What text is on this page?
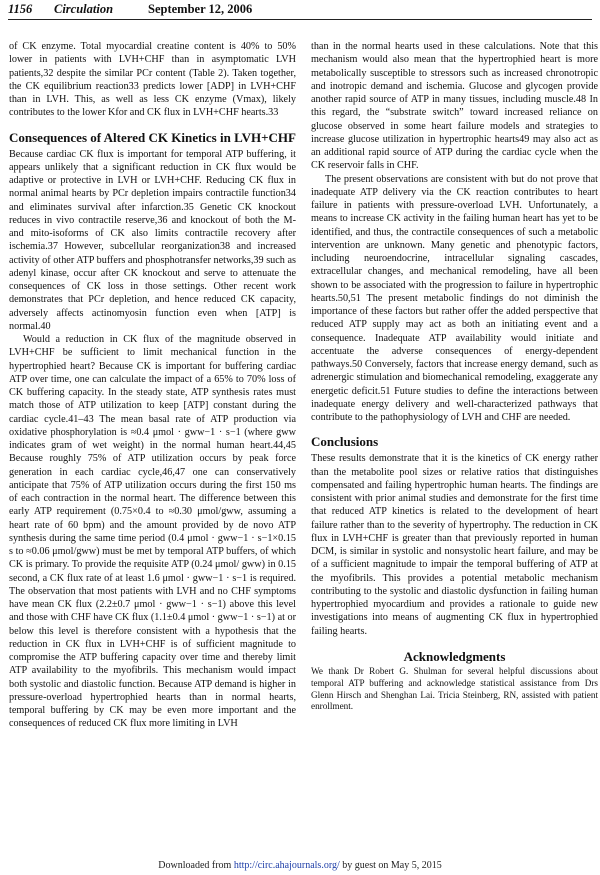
1156 Circulation	September 12, 2006

of CK enzyme. Total myocardial creatine content is 40% to 50% lower in patients with LVH+CHF than in asymptomatic LVH patients,32 despite the similar PCr content (Table 2). Taken together, the CK equilibrium reaction33 predicts lower [ADP] in LVH+CHF than in LVH. This, as well as less CK enzyme (Vmax), likely contributes to the lower Kfor and CK flux in LVH+CHF hearts.33

Consequences of Altered CK Kinetics in LVH+CHF

Because cardiac CK flux is important for temporal ATP buffering, it appears unlikely that a significant reduction in CK flux would be adaptive or protective in LVH or LVH+CHF. Reducing CK flux in normal animal hearts by PCr depletion impairs contractile function34 and eliminates survival after infarction.35 Genetic CK knockout reduces in vivo contractile reserve,36 and knockout of both the M- and mito-isoforms of CK also limits contractile recovery after ischemia.37 However, subcellular reorganization38 and increased activity of other ATP buffers and phosphotransfer networks,39 such as adenyl kinase, occur after CK knockout and serve to attenuate the consequences of CK loss in those settings. Other recent work demonstrates that PCr depletion, and hence reduced CK capacity, adversely affects actinomyosin function even when [ATP] is normal.40

Would a reduction in CK flux of the magnitude observed in LVH+CHF be sufficient to limit mechanical function in the hypertrophied heart? Because CK is important for buffering cardiac ATP over time, one can calculate the impact of a 65% to 70% loss of CK buffering capacity. In the steady state, ATP synthesis rates must match those of ATP utilization to keep [ATP] constant during the cardiac cycle.41–43 The mean basal rate of ATP production via oxidative phosphorylation is ≈0.4 μmol · gww−1 · s−1 (where gww indicates gram of wet weight) in the normal human heart.44,45 Because roughly 75% of ATP utilization occurs by peak force generation in each cardiac cycle,46,47 one can conservatively anticipate that 75% of ATP utilization occurs during the first 150 ms of each contraction in the normal heart. The difference between this early ATP requirement (0.75×0.4 to ≈0.30 μmol/gww, assuming a heart rate of 60 bpm) and the amount provided by de novo ATP synthesis during the same time period (0.4 μmol · gww−1 · s−1×0.15 s to ≈0.06 μmol/gww) must be met by temporal ATP buffers, of which CK is primary. To provide the requisite ATP (0.24 μmol/ gww) in 0.15 second, a CK flux rate of at least 1.6 μmol · gww−1 · s−1 is required. The observation that most patients with LVH and no CHF symptoms have mean CK flux (2.2±0.7 μmol · gww−1 · s−1) above this level and those with CHF have CK flux (1.1±0.4 μmol · gww−1 · s−1) at or below this level is therefore consistent with a hypothesis that the reduction in CK flux in LVH+CHF is of sufficient magnitude to compromise the ATP buffering capacity over time and thereby limit ATP availability to the myofibrils. This mechanism would impact both systolic and diastolic function. Because ATP demand is higher in pressure-overload hypertrophied hearts than in normal hearts, temporal buffering by CK may be even more important and the consequences of reduced CK flux more limiting in LVH

than in the normal hearts used in these calculations. Note that this mechanism would also mean that the hypertrophied heart is more metabolically susceptible to stressors such as increased chronotropic and inotropic demand and ischemia. Glucose and glycogen provide another rapid source of ATP in many tissues, including muscle.48 In this regard, the “substrate switch” toward increased reliance on glucose observed in some heart failure models and strategies to increase glucose utilization in hypertrophic hearts49 may also act as an additional rapid source of ATP during the cardiac cycle when the CK reservoir falls in CHF.

The present observations are consistent with but do not prove that inadequate ATP delivery via the CK reaction contributes to heart failure in patients with pressure-overload LVH. Unfortunately, a means to increase CK activity in the failing human heart has yet to be identified, and thus, the contractile consequences of such a metabolic intervention are unknown. Many genetic and phenotypic factors, including neuroendocrine, intracellular signaling cascades, extracellular changes, and mechanical remodeling, have all been shown to be associated with the progression to failure in hypertrophic hearts.50,51 The present metabolic findings do not diminish the importance of these factors but rather offer the added perspective that reduced ATP supply may act as both an initiating event and a consequence. Inadequate ATP availability would initiate and accentuate the adverse consequences of energy-dependent pathways.50 Conversely, factors that increase energy demand, such as adrenergic stimulation and biomechanical remodeling, exaggerate any energetic deficit.51 Future studies to define the interactions between inadequate energy delivery and well-characterized pathways that contribute to the pathophysiology of LVH and CHF are needed.

Conclusions

These results demonstrate that it is the kinetics of CK energy rather than the metabolite pool sizes or relative ratios that distinguishes compensated and failing hypertrophic human hearts. The findings are consistent with prior animal studies and demonstrate for the first time that reduced ATP kinetics is related to the development of heart failure rather than to the severity of hypertrophy. The reduction in CK flux in LVH+CHF is greater than that previously reported in human DCM, is similar in systolic and nonsystolic heart failure, and may be of a sufficient magnitude to impair the temporal buffering of ATP at the myofibrils. This provides a potential metabolic mechanism contributing to the systolic and diastolic dysfunction in failing human hypertrophied myocardium and provides a rationale to guide new investigations into means of augmenting CK flux in hypertrophied failing hearts.

Acknowledgments

We thank Dr Robert G. Shulman for several helpful discussions about temporal ATP buffering and acknowledge statistical assistance from Drs Glenn Hirsch and Shenghan Lai. Tricia Steinberg, RN, assisted with patient enrollment.

Downloaded from http://circ.ahajournals.org/ by guest on May 5, 2015
